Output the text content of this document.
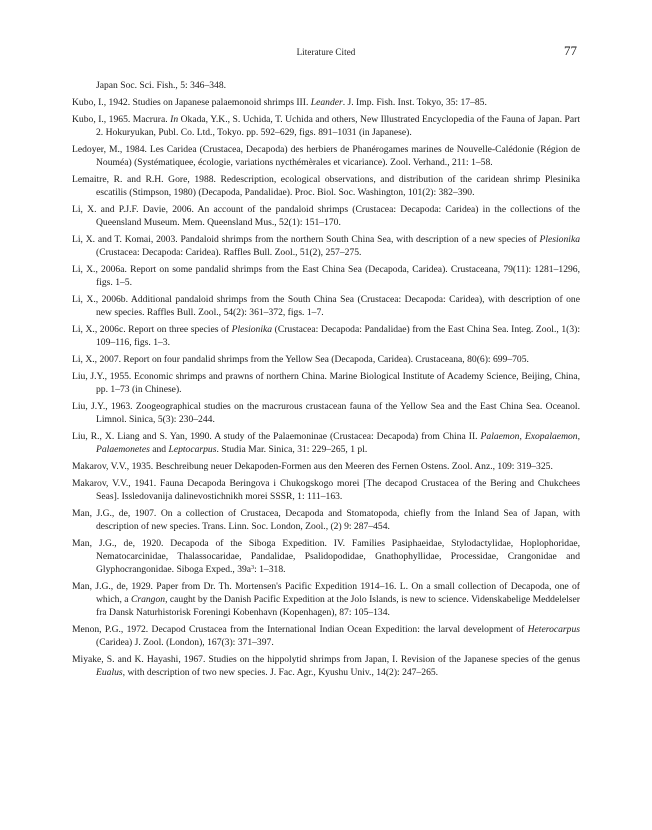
Literature Cited	77

Japan Soc. Sci. Fish., 5: 346–348.

Kubo, I., 1942. Studies on Japanese palaemonoid shrimps III. Leander. J. Imp. Fish. Inst. Tokyo, 35: 17–85.

Kubo, I., 1965. Macrura. In Okada, Y.K., S. Uchida, T. Uchida and others, New Illustrated Encyclopedia of the Fauna of Japan. Part 2. Hokuryukan, Publ. Co. Ltd., Tokyo. pp. 592–629, figs. 891–1031 (in Japanese).

Ledoyer, M., 1984. Les Caridea (Crustacea, Decapoda) des herbiers de Phanérogames marines de Nouvelle-Calédonie (Région de Nouméa) (Systématiquee, écologie, variations nycthémèrales et vicariance). Zool. Verhand., 211: 1–58.

Lemaitre, R. and R.H. Gore, 1988. Redescription, ecological observations, and distribution of the caridean shrimp Plesinika escatilis (Stimpson, 1980) (Decapoda, Pandalidae). Proc. Biol. Soc. Washington, 101(2): 382–390.

Li, X. and P.J.F. Davie, 2006. An account of the pandaloid shrimps (Crustacea: Decapoda: Caridea) in the collections of the Queensland Museum. Mem. Queensland Mus., 52(1): 151–170.

Li, X. and T. Komai, 2003. Pandaloid shrimps from the northern South China Sea, with description of a new species of Plesionika (Crustacea: Decapoda: Caridea). Raffles Bull. Zool., 51(2), 257–275.

Li, X., 2006a. Report on some pandalid shrimps from the East China Sea (Decapoda, Caridea). Crustaceana, 79(11): 1281–1296, figs. 1–5.

Li, X., 2006b. Additional pandaloid shrimps from the South China Sea (Crustacea: Decapoda: Caridea), with description of one new species. Raffles Bull. Zool., 54(2): 361–372, figs. 1–7.

Li, X., 2006c. Report on three species of Plesionika (Crustacea: Decapoda: Pandalidae) from the East China Sea. Integ. Zool., 1(3): 109–116, figs. 1–3.

Li, X., 2007. Report on four pandalid shrimps from the Yellow Sea (Decapoda, Caridea). Crustaceana, 80(6): 699–705.

Liu, J.Y., 1955. Economic shrimps and prawns of northern China. Marine Biological Institute of Academy Science, Beijing, China, pp. 1–73 (in Chinese).

Liu, J.Y., 1963. Zoogeographical studies on the macrurous crustacean fauna of the Yellow Sea and the East China Sea. Oceanol. Limnol. Sinica, 5(3): 230–244.

Liu, R., X. Liang and S. Yan, 1990. A study of the Palaemoninae (Crustacea: Decapoda) from China II. Palaemon, Exopalaemon, Palaemonetes and Leptocarpus. Studia Mar. Sinica, 31: 229–265, 1 pl.

Makarov, V.V., 1935. Beschreibung neuer Dekapoden-Formen aus den Meeren des Fernen Ostens. Zool. Anz., 109: 319–325.

Makarov, V.V., 1941. Fauna Decapoda Beringova i Chukogskogo morei [The decapod Crustacea of the Bering and Chukchees Seas]. Issledovanija dalinevostichnikh morei SSSR, 1: 111–163.

Man, J.G., de, 1907. On a collection of Crustacea, Decapoda and Stomatopoda, chiefly from the Inland Sea of Japan, with description of new species. Trans. Linn. Soc. London, Zool., (2) 9: 287–454.

Man, J.G., de, 1920. Decapoda of the Siboga Expedition. IV. Families Pasiphaeidae, Stylodactylidae, Hoplophoridae, Nematocarcinidae, Thalassocaridae, Pandalidae, Psalidopodidae, Gnathophyllidae, Processidae, Crangonidae and Glyphocrangonidae. Siboga Exped., $39a^3$: 1–318.

Man, J.G., de, 1929. Paper from Dr. Th. Mortensen's Pacific Expedition 1914–16. L. On a small collection of Decapoda, one of which, a Crangon, caught by the Danish Pacific Expedition at the Jolo Islands, is new to science. Videnskabelige Meddelelser fra Dansk Naturhistorisk Foreningi Kobenhavn (Kopenhagen), 87: 105–134.

Menon, P.G., 1972. Decapod Crustacea from the International Indian Ocean Expedition: the larval development of Heterocarpus (Caridea) J. Zool. (London), 167(3): 371–397.

Miyake, S. and K. Hayashi, 1967. Studies on the hippolytid shrimps from Japan, I. Revision of the Japanese species of the genus Eualus, with description of two new species. J. Fac. Agr., Kyushu Univ., 14(2): 247–265.
